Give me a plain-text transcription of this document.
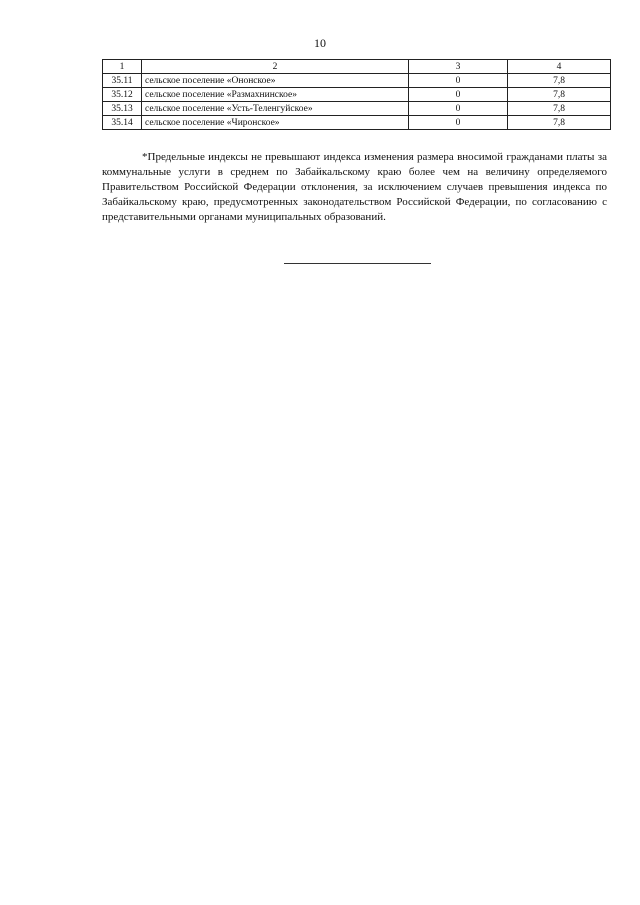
10
1	2	3	4
35.11	сельское поселение «Ононское»	0	7,8
35.12	сельское поселение «Размахнинское»	0	7,8
35.13	сельское поселение «Усть-Теленгуйское»	0	7,8
35.14	сельское поселение «Чиронское»	0	7,8

*Предельные индексы не превышают индекса изменения размера вносимой гражданами платы за коммунальные услуги в среднем по Забайкальскому краю более чем на величину определяемого Правительством Российской Федерации отклонения, за исключением случаев превышения индекса по Забайкальскому краю, предусмотренных законодательством Российской Федерации, по согласованию с представительными органами муниципальных образований.
